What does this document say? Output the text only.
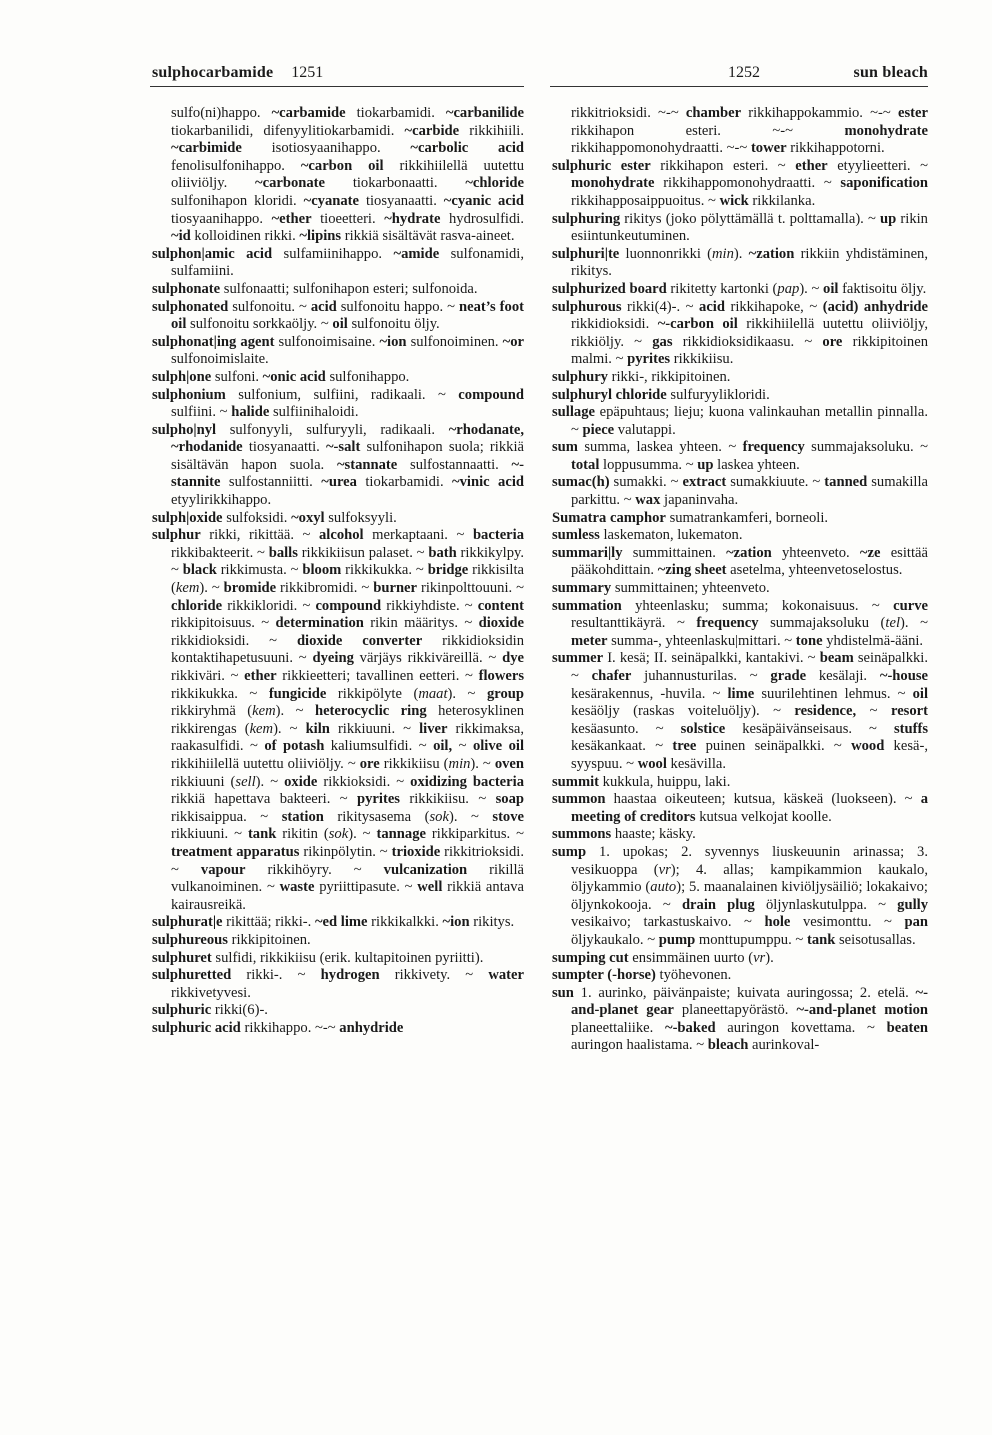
sulphocarbamide 1251	1252	sun bleach

sulfo(ni)happo. ~carbamide tiokarbamidi. ~carbanilide tiokarbanilidi, difenyylitiokarbamidi. ~carbide rikkihiili. ~carbimide isotiosyaanihappo. ~carbolic acid fenolisulfonihappo. ~carbon oil rikkihiilellä uutettu oliiviöljy. ~carbonate tiokarbonaatti. ~chloride sulfonihapon kloridi. ~cyanate tiosyanaatti. ~cyanic acid tiosyaanihappo. ~ether tioeetteri. ~hydrate hydrosulfidi. ~id kolloidinen rikki. ~lipins rikkiä sisältävät rasva-aineet.

sulphon|amic acid sulfamiinihappo. ~amide sulfonamidi, sulfamiini.

sulphonate sulfonaatti; sulfonihapon esteri; sulfonoida.

sulphonated sulfonoitu. ~ acid sulfonoitu happo. ~ neat’s foot oil sulfonoitu sorkkaöljy. ~ oil sulfonoitu öljy.

sulphonat|ing agent sulfonoimisaine. ~ion sulfonoiminen. ~or sulfonoimislaite.

sulph|one sulfoni. ~onic acid sulfonihappo.

sulphonium sulfonium, sulfiini, radikaali. ~ compound sulfiini. ~ halide sulfiinihaloidi.

sulpho|nyl sulfonyyli, sulfuryyli, radikaali. ~rhodanate, ~rhodanide tiosyanaatti. ~-salt sulfonihapon suola; rikkiä sisältävän hapon suola. ~stannate sulfostannaatti. ~-stannite sulfostanniitti. ~urea tiokarbamidi. ~vinic acid etyylirikkihappo.

sulph|oxide sulfoksidi. ~oxyl sulfoksyyli.

sulphur rikki, rikittää. ~ alcohol merkaptaani. ~ bacteria rikkibakteerit. ~ balls rikkikiisun palaset. ~ bath rikkikylpy. ~ black rikkimusta. ~ bloom rikkikukka. ~ bridge rikkisilta (kem). ~ bromide rikkibromidi. ~ burner rikinpolttouuni. ~ chloride rikkikloridi. ~ compound rikkiyhdiste. ~ content rikkipitoisuus. ~ determination rikin määritys. ~ dioxide rikkidioksidi. ~ dioxide converter rikkidioksidin kontaktihapetusuuni. ~ dyeing värjäys rikkiväreillä. ~ dye rikkiväri. ~ ether rikkieetteri; tavallinen eetteri. ~ flowers rikkikukka. ~ fungicide rikkipölyte (maat). ~ group rikkiryhmä (kem). ~ heterocyclic ring heterosyklinen rikkirengas (kem). ~ kiln rikkiuuni. ~ liver rikkimaksa, raakasulfidi. ~ of potash kaliumsulfidi. ~ oil, ~ olive oil rikkihiilellä uutettu oliiviöljy. ~ ore rikkikiisu (min). ~ oven rikkiuuni (sell). ~ oxide rikkioksidi. ~ oxidizing bacteria rikkiä hapettava bakteeri. ~ pyrites rikkikiisu. ~ soap rikkisaippua. ~ station rikitysasema (sok). ~ stove rikkiuuni. ~ tank rikitin (sok). ~ tannage rikkiparkitus. ~ treatment apparatus rikinpölytin. ~ trioxide rikkitrioksidi. ~ vapour rikkihöyry. ~ vulcanization rikillä vulkanoiminen. ~ waste pyriittipasute. ~ well rikkiä antava kairausreikä.

sulphurat|e rikittää; rikki-. ~ed lime rikkikalkki. ~ion rikitys.

sulphureous rikkipitoinen.

sulphuret sulfidi, rikkikiisu (erik. kultapitoinen pyriitti).

sulphuretted rikki-. ~ hydrogen rikkivety. ~ water rikkivetyvesi.

sulphuric rikki(6)-.

sulphuric acid rikkihappo. ~-~ anhydride

rikkitrioksidi. ~-~ chamber rikkihappokammio. ~-~ ester rikkihapon esteri. ~-~ monohydrate rikkihappomonohydraatti. ~-~ tower rikkihappotorni.

sulphuric ester rikkihapon esteri. ~ ether etyylieetteri. ~ monohydrate rikkihappomonohydraatti. ~ saponification rikkihapposaippuoitus. ~ wick rikkilanka.

sulphuring rikitys (joko pölyttämällä t. polttamalla). ~ up rikin esiintunkeutuminen.

sulphuri|te luonnonrikki (min). ~zation rikkiin yhdistäminen, rikitys.

sulphurized board rikitetty kartonki (pap). ~ oil faktisoitu öljy.

sulphurous rikki(4)-. ~ acid rikkihapoke, ~ (acid) anhydride rikkidioksidi. ~-carbon oil rikkihiilellä uutettu oliiviöljy, rikkiöljy. ~ gas rikkidioksidikaasu. ~ ore rikkipitoinen malmi. ~ pyrites rikkikiisu.

sulphury rikki-, rikkipitoinen.

sulphuryl chloride sulfuryylikloridi.

sullage epäpuhtaus; lieju; kuona valinkauhan metallin pinnalla. ~ piece valutappi.

sum summa, laskea yhteen. ~ frequency summajaksoluku. ~ total loppusumma. ~ up laskea yhteen.

sumac(h) sumakki. ~ extract sumakkiuute. ~ tanned sumakilla parkittu. ~ wax japaninvaha.

Sumatra camphor sumatrankamferi, borneoli.

sumless laskematon, lukematon.

summari|ly summittainen. ~zation yhteenveto. ~ze esittää pääkohdittain. ~zing sheet asetelma, yhteenvetoselostus.

summary summittainen; yhteenveto.

summation yhteenlasku; summa; kokonaisuus. ~ curve resultanttikäyrä. ~ frequency summajaksoluku (tel). ~ meter summa-, yhteenlasku|mittari. ~ tone yhdistelmä-ääni.

summer I. kesä; II. seinäpalkki, kantakivi. ~ beam seinäpalkki. ~ chafer juhannusturilas. ~ grade kesälaji. ~-house kesärakennus, -huvila. ~ lime suurilehtinen lehmus. ~ oil kesäöljy (raskas voiteluöljy). ~ residence, ~ resort kesäasunto. ~ solstice kesäpäivänseisaus. ~ stuffs kesäkankaat. ~ tree puinen seinäpalkki. ~ wood kesä-, syyspuu. ~ wool kesävilla.

summit kukkula, huippu, laki.

summon haastaa oikeuteen; kutsua, käskeä (luokseen). ~ a meeting of creditors kutsua velkojat koolle.

summons haaste; käsky.

sump 1. upokas; 2. syvennys liuskeuunin arinassa; 3. vesikuoppa (vr); 4. allas; kampikammion kaukalo, öljykammio (auto); 5. maanalainen kiviöljysäiliö; lokakaivo; öljynkokooja. ~ drain plug öljynlaskutulppa. ~ gully vesikaivo; tarkastuskaivo. ~ hole vesimonttu. ~ pan öljykaukalo. ~ pump monttupumppu. ~ tank seisotusallas.

sumping cut ensimmäinen uurto (vr).

sumpter (-horse) työhevonen.

sun 1. aurinko, päivänpaiste; kuivata auringossa; 2. etelä. ~-and-planet gear planeettapyörästö. ~-and-planet motion planeettaliike. ~-baked auringon kovettama. ~ beaten auringon haalistama. ~ bleach aurinkoval-
